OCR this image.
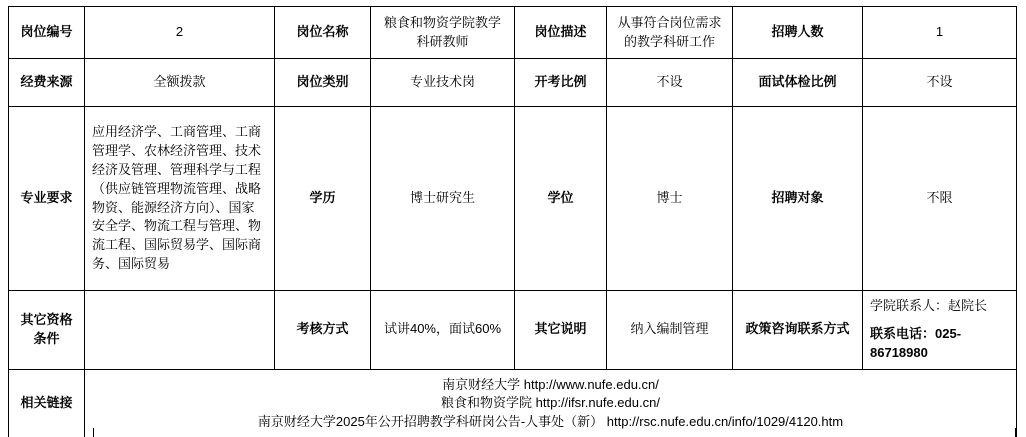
岗位编号	2	岗位名称	粮食和物资学院教学科研教师	岗位描述	从事符合岗位需求的教学科研工作	招聘人数	1
经费来源	全额拨款	岗位类别	专业技术岗	开考比例	不设	面试体检比例	不设
专业要求	应用经济学、工商管理、工商管理学、农林经济管理、技术经济及管理、管理科学与工程（供应链管理物流管理、战略物资、能源经济方向）、国家安全学、物流工程与管理、物流工程、国际贸易学、国际商务、国际贸易	学历	博士研究生	学位	博士	招聘对象	不限
其它资格条件		考核方式	试讲40%，面试60%	其它说明	纳入编制管理	政策咨询联系方式	学院联系人：赵院长
联系电话：025-86718980

相关链接	南京财经大学 http://www.nufe.edu.cn/
粮食和物资学院 http://ifsr.nufe.edu.cn/
南京财经大学2025年公开招聘教学科研岗公告-人事处（新） http://rsc.nufe.edu.cn/info/1029/4120.htm						
